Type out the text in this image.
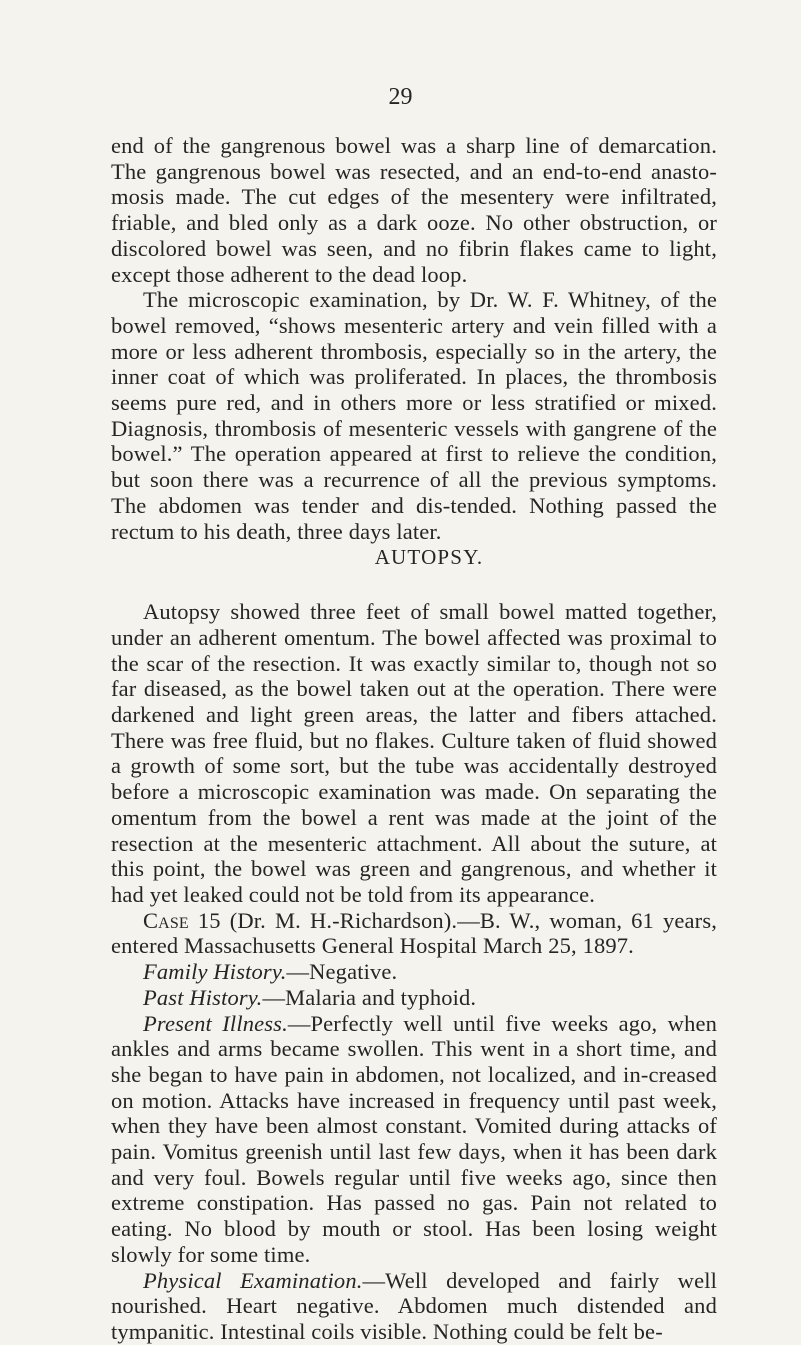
29

end of the gangrenous bowel was a sharp line of demarcation. The gangrenous bowel was resected, and an end-to-end anasto-mosis made. The cut edges of the mesentery were infiltrated, friable, and bled only as a dark ooze. No other obstruction, or discolored bowel was seen, and no fibrin flakes came to light, except those adherent to the dead loop.

The microscopic examination, by Dr. W. F. Whitney, of the bowel removed, “shows mesenteric artery and vein filled with a more or less adherent thrombosis, especially so in the artery, the inner coat of which was proliferated. In places, the thrombosis seems pure red, and in others more or less stratified or mixed. Diagnosis, thrombosis of mesenteric vessels with gangrene of the bowel.” The operation appeared at first to relieve the condition, but soon there was a recurrence of all the previous symptoms. The abdomen was tender and dis-tended. Nothing passed the rectum to his death, three days later.

AUTOPSY.

Autopsy showed three feet of small bowel matted together, under an adherent omentum. The bowel affected was proximal to the scar of the resection. It was exactly similar to, though not so far diseased, as the bowel taken out at the operation. There were darkened and light green areas, the latter and fibers attached. There was free fluid, but no flakes. Culture taken of fluid showed a growth of some sort, but the tube was accidentally destroyed before a microscopic examination was made. On separating the omentum from the bowel a rent was made at the joint of the resection at the mesenteric attachment. All about the suture, at this point, the bowel was green and gangrenous, and whether it had yet leaked could not be told from its appearance.

Case 15 (Dr. M. H.-Richardson).—B. W., woman, 61 years, entered Massachusetts General Hospital March 25, 1897.

Family History.—Negative.

Past History.—Malaria and typhoid.

Present Illness.—Perfectly well until five weeks ago, when ankles and arms became swollen. This went in a short time, and she began to have pain in abdomen, not localized, and in-creased on motion. Attacks have increased in frequency until past week, when they have been almost constant. Vomited during attacks of pain. Vomitus greenish until last few days, when it has been dark and very foul. Bowels regular until five weeks ago, since then extreme constipation. Has passed no gas. Pain not related to eating. No blood by mouth or stool. Has been losing weight slowly for some time.

Physical Examination.—Well developed and fairly well nourished. Heart negative. Abdomen much distended and tympanitic. Intestinal coils visible. Nothing could be felt be-
